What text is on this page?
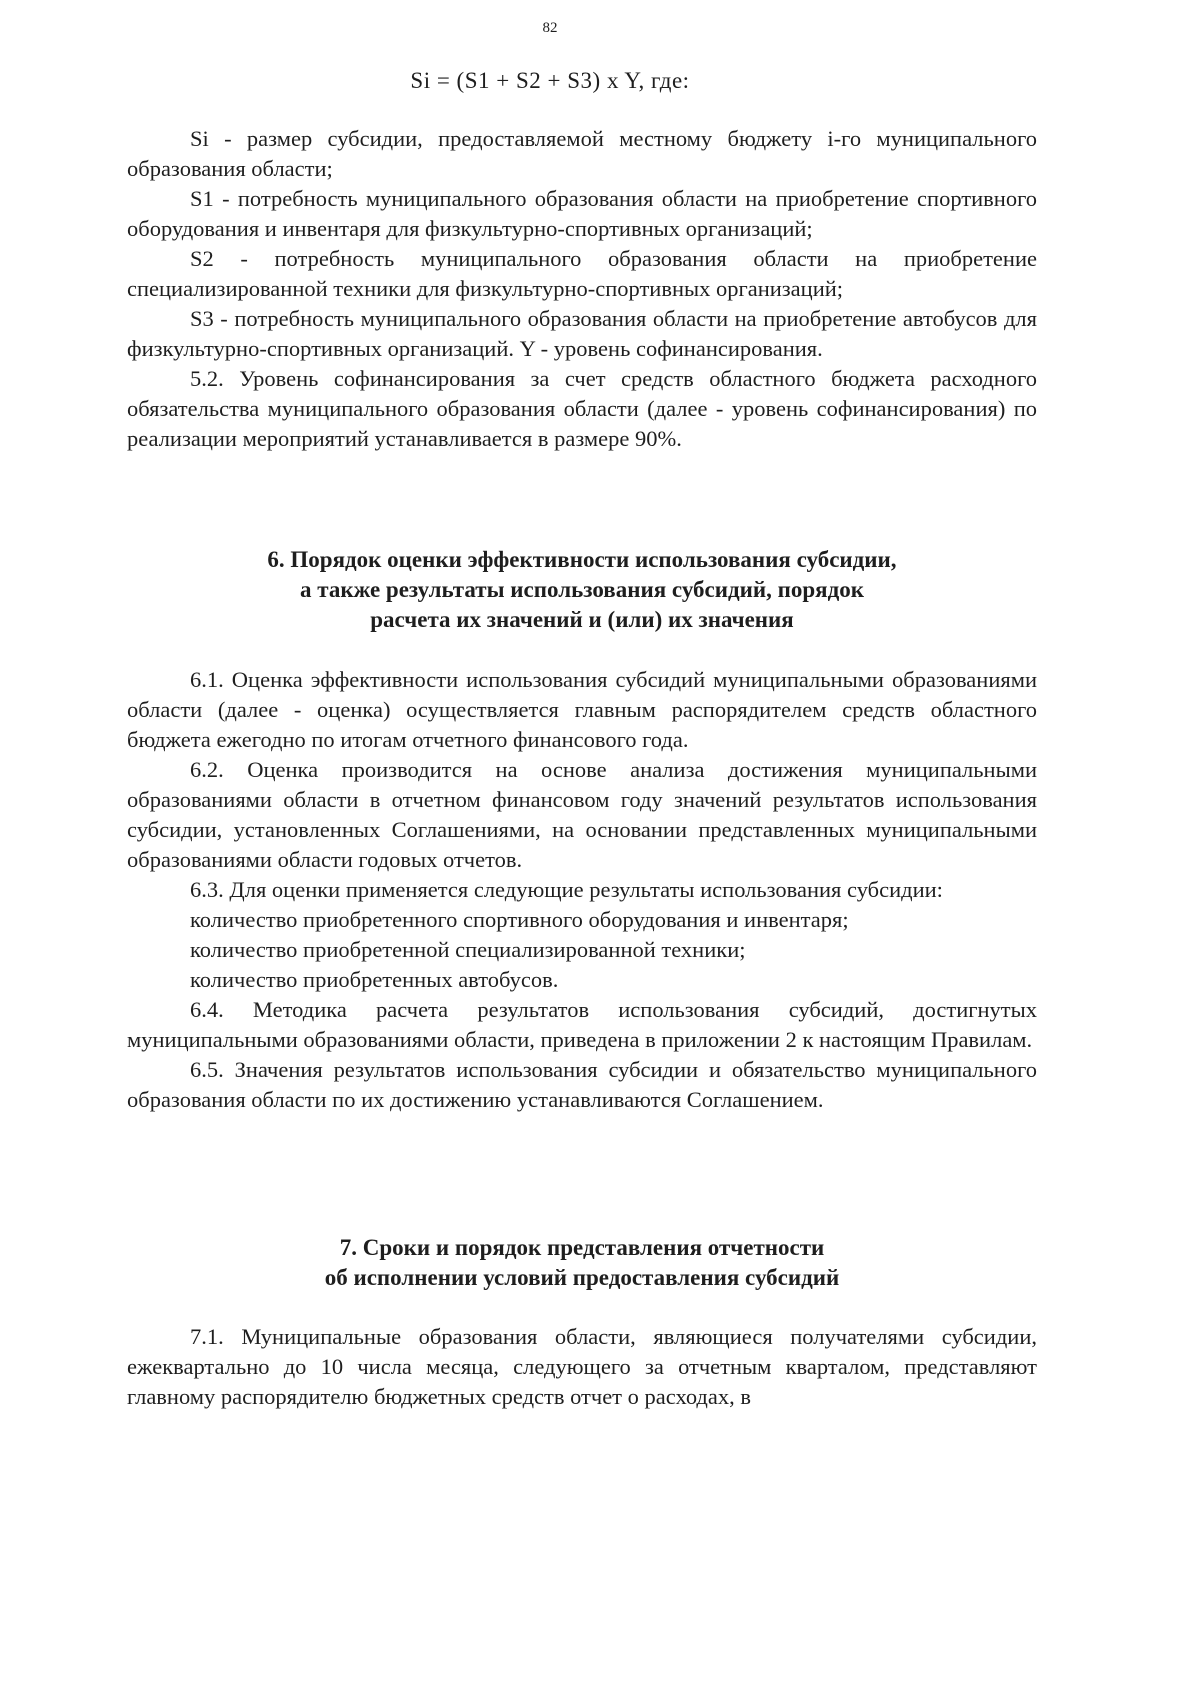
82
Si = (S1 + S2 + S3) x Y, где:

Si - размер субсидии, предоставляемой местному бюджету i-го муниципального образования области;

S1 - потребность муниципального образования области на приобретение спортивного оборудования и инвентаря для физкультурно-спортивных организаций;

S2 - потребность муниципального образования области на приобретение специализированной техники для физкультурно-спортивных организаций;

S3 - потребность муниципального образования области на приобретение автобусов для физкультурно-спортивных организаций. Y - уровень софинансирования.

5.2. Уровень софинансирования за счет средств областного бюджета расходного обязательства муниципального образования области (далее - уровень софинансирования) по реализации мероприятий устанавливается в размере 90%.

6. Порядок оценки эффективности использования субсидии,
а также результаты использования субсидий, порядок
расчета их значений и (или) их значения

6.1. Оценка эффективности использования субсидий муниципальными образованиями области (далее - оценка) осуществляется главным распорядителем средств областного бюджета ежегодно по итогам отчетного финансового года.

6.2. Оценка производится на основе анализа достижения муниципальными образованиями области в отчетном финансовом году значений результатов использования субсидии, установленных Соглашениями, на основании представленных муниципальными образованиями области годовых отчетов.

6.3. Для оценки применяется следующие результаты использования субсидии:

количество приобретенного спортивного оборудования и инвентаря;

количество приобретенной специализированной техники;

количество приобретенных автобусов.

6.4. Методика расчета результатов использования субсидий, достигнутых муниципальными образованиями области, приведена в приложении 2 к настоящим Правилам.

6.5. Значения результатов использования субсидии и обязательство муниципального образования области по их достижению устанавливаются Соглашением.

7. Сроки и порядок представления отчетности
об исполнении условий предоставления субсидий

7.1. Муниципальные образования области, являющиеся получателями субсидии, ежеквартально до 10 числа месяца, следующего за отчетным кварталом, представляют главному распорядителю бюджетных средств отчет о расходах, в
